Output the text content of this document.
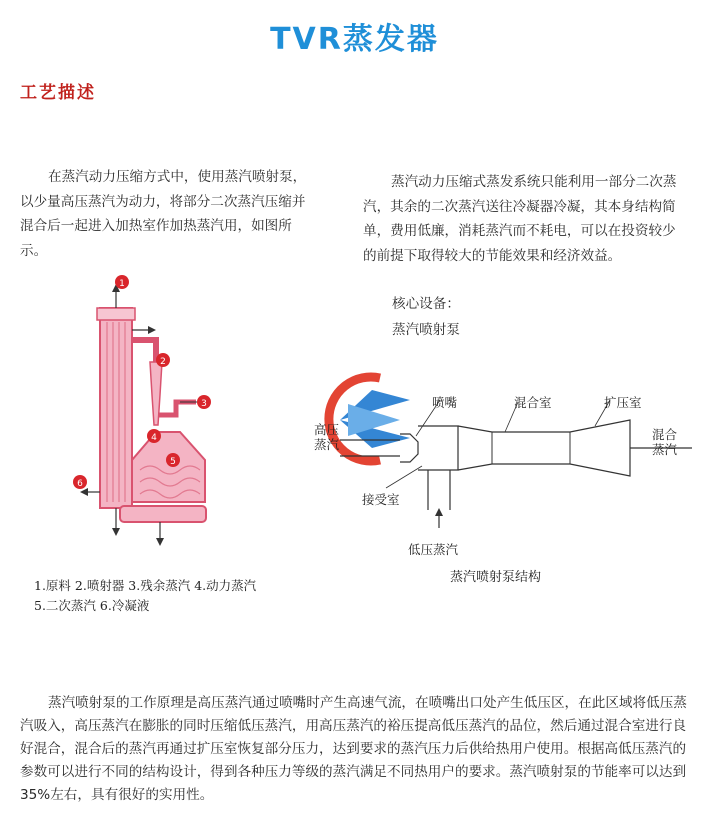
TVR蒸发器
工艺描述
在蒸汽动力压缩方式中，使用蒸汽喷射泵，以少量高压蒸汽为动力，将部分二次蒸汽压缩并混合后一起进入加热室作加热蒸汽用，如图所示。
蒸汽动力压缩式蒸发系统只能利用一部分二次蒸汽，其余的二次蒸汽送往冷凝器冷凝，其本身结构简单，费用低廉，消耗蒸汽而不耗电，可以在投资较少的前提下取得较大的节能效果和经济效益。
核心设备：
蒸汽喷射泵
1
2
3
4
5
6
1.原料 2.喷射器 3.残余蒸汽 4.动力蒸汽
5.二次蒸汽 6.冷凝液
高压
蒸汽
喷嘴	混合室	扩压室
混合
蒸汽
接受室
低压蒸汽
蒸汽喷射泵结构
蒸汽喷射泵的工作原理是高压蒸汽通过喷嘴时产生高速气流，在喷嘴出口处产生低压区，在此区域将低压蒸汽吸入，高压蒸汽在膨胀的同时压缩低压蒸汽，用高压蒸汽的裕压提高低压蒸汽的品位，然后通过混合室进行良好混合，混合后的蒸汽再通过扩压室恢复部分压力，达到要求的蒸汽压力后供给热用户使用。根据高低压蒸汽的参数可以进行不同的结构设计，得到各种压力等级的蒸汽满足不同热用户的要求。蒸汽喷射泵的节能率可以达到35%左右，具有很好的实用性。
